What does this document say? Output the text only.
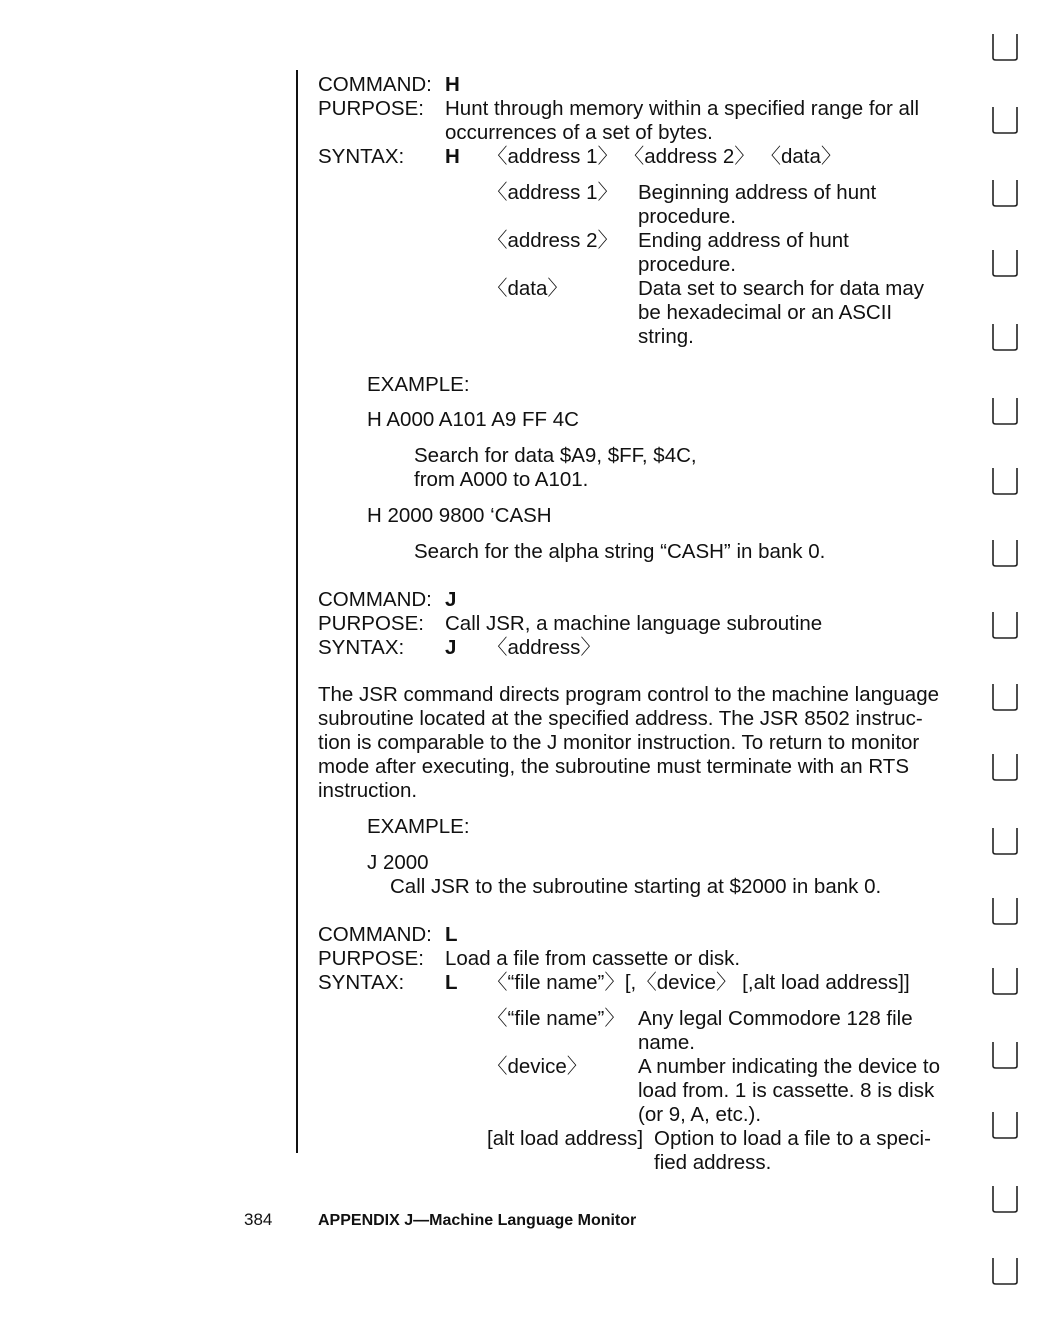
COMMAND: H
PURPOSE: Hunt through memory within a specified range for all
occurrences of a set of bytes.
SYNTAX: H 〈address 1〉 〈address 2〉 〈data〉
〈address 1〉 Beginning address of hunt
procedure.
〈address 2〉 Ending address of hunt
procedure.
〈data〉	Data set to search for data may
be hexadecimal or an ASCII
string.
EXAMPLE:
H A000 A101 A9 FF 4C
Search for data $A9, $FF, $4C,
from A000 to A101.
H 2000 9800 ‘CASH
Search for the alpha string “CASH” in bank 0.
COMMAND: J
PURPOSE: Call JSR, a machine language subroutine
SYNTAX: J 〈address〉
The JSR command directs program control to the machine language
subroutine located at the specified address. The JSR 8502 instruc-
tion is comparable to the J monitor instruction. To return to monitor
mode after executing, the subroutine must terminate with an RTS
instruction.
EXAMPLE:
J 2000
Call JSR to the subroutine starting at $2000 in bank 0.
COMMAND: L
PURPOSE: Load a file from cassette or disk.
SYNTAX: L 〈“file name”〉[,〈device〉 [,alt load address]]
〈“file name”〉 Any legal Commodore 128 file
name.
〈device〉 A number indicating the device to
load from. 1 is cassette. 8 is disk
(or 9, A, etc.).
[alt load address] Option to load a file to a speci-
fied address.
384	APPENDIX J—Machine Language Monitor
